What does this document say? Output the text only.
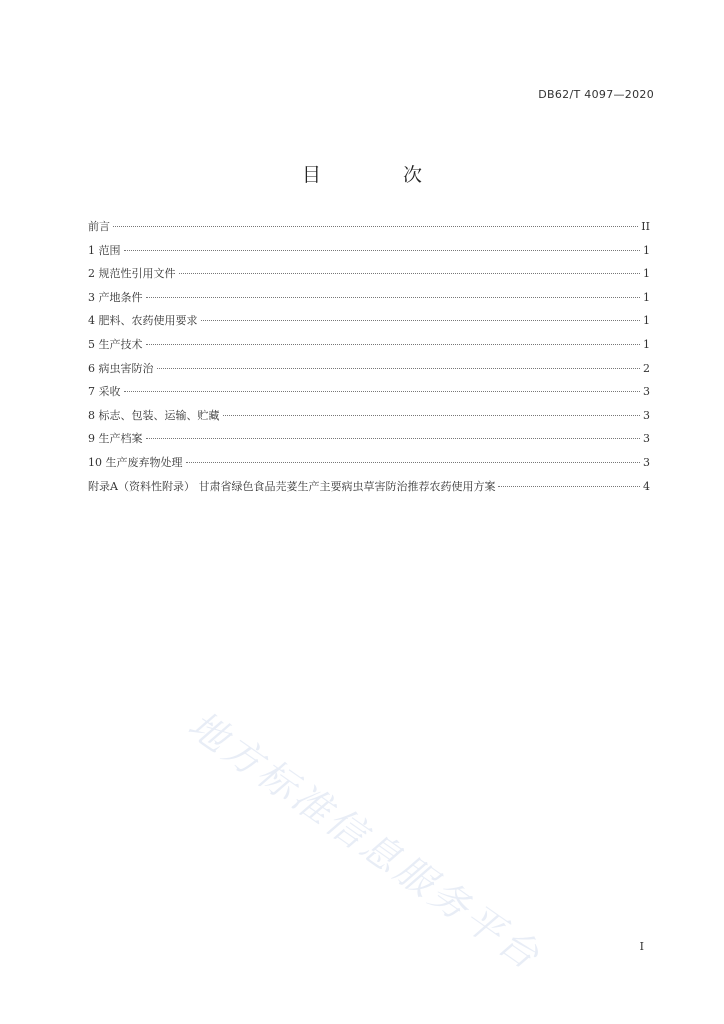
DB62/T 4097—2020
目 次
前言	II
1 范围	1
2 规范性引用文件	1
3 产地条件	1
4 肥料、农药使用要求	1
5 生产技术	1
6 病虫害防治	2
7 采收	3
8 标志、包装、运输、贮藏	3
9 生产档案	3
10 生产废弃物处理	3
附录A（资料性附录） 甘肃省绿色食品芫荽生产主要病虫草害防治推荐农药使用方案	4
地方标准信息服务平台	I
